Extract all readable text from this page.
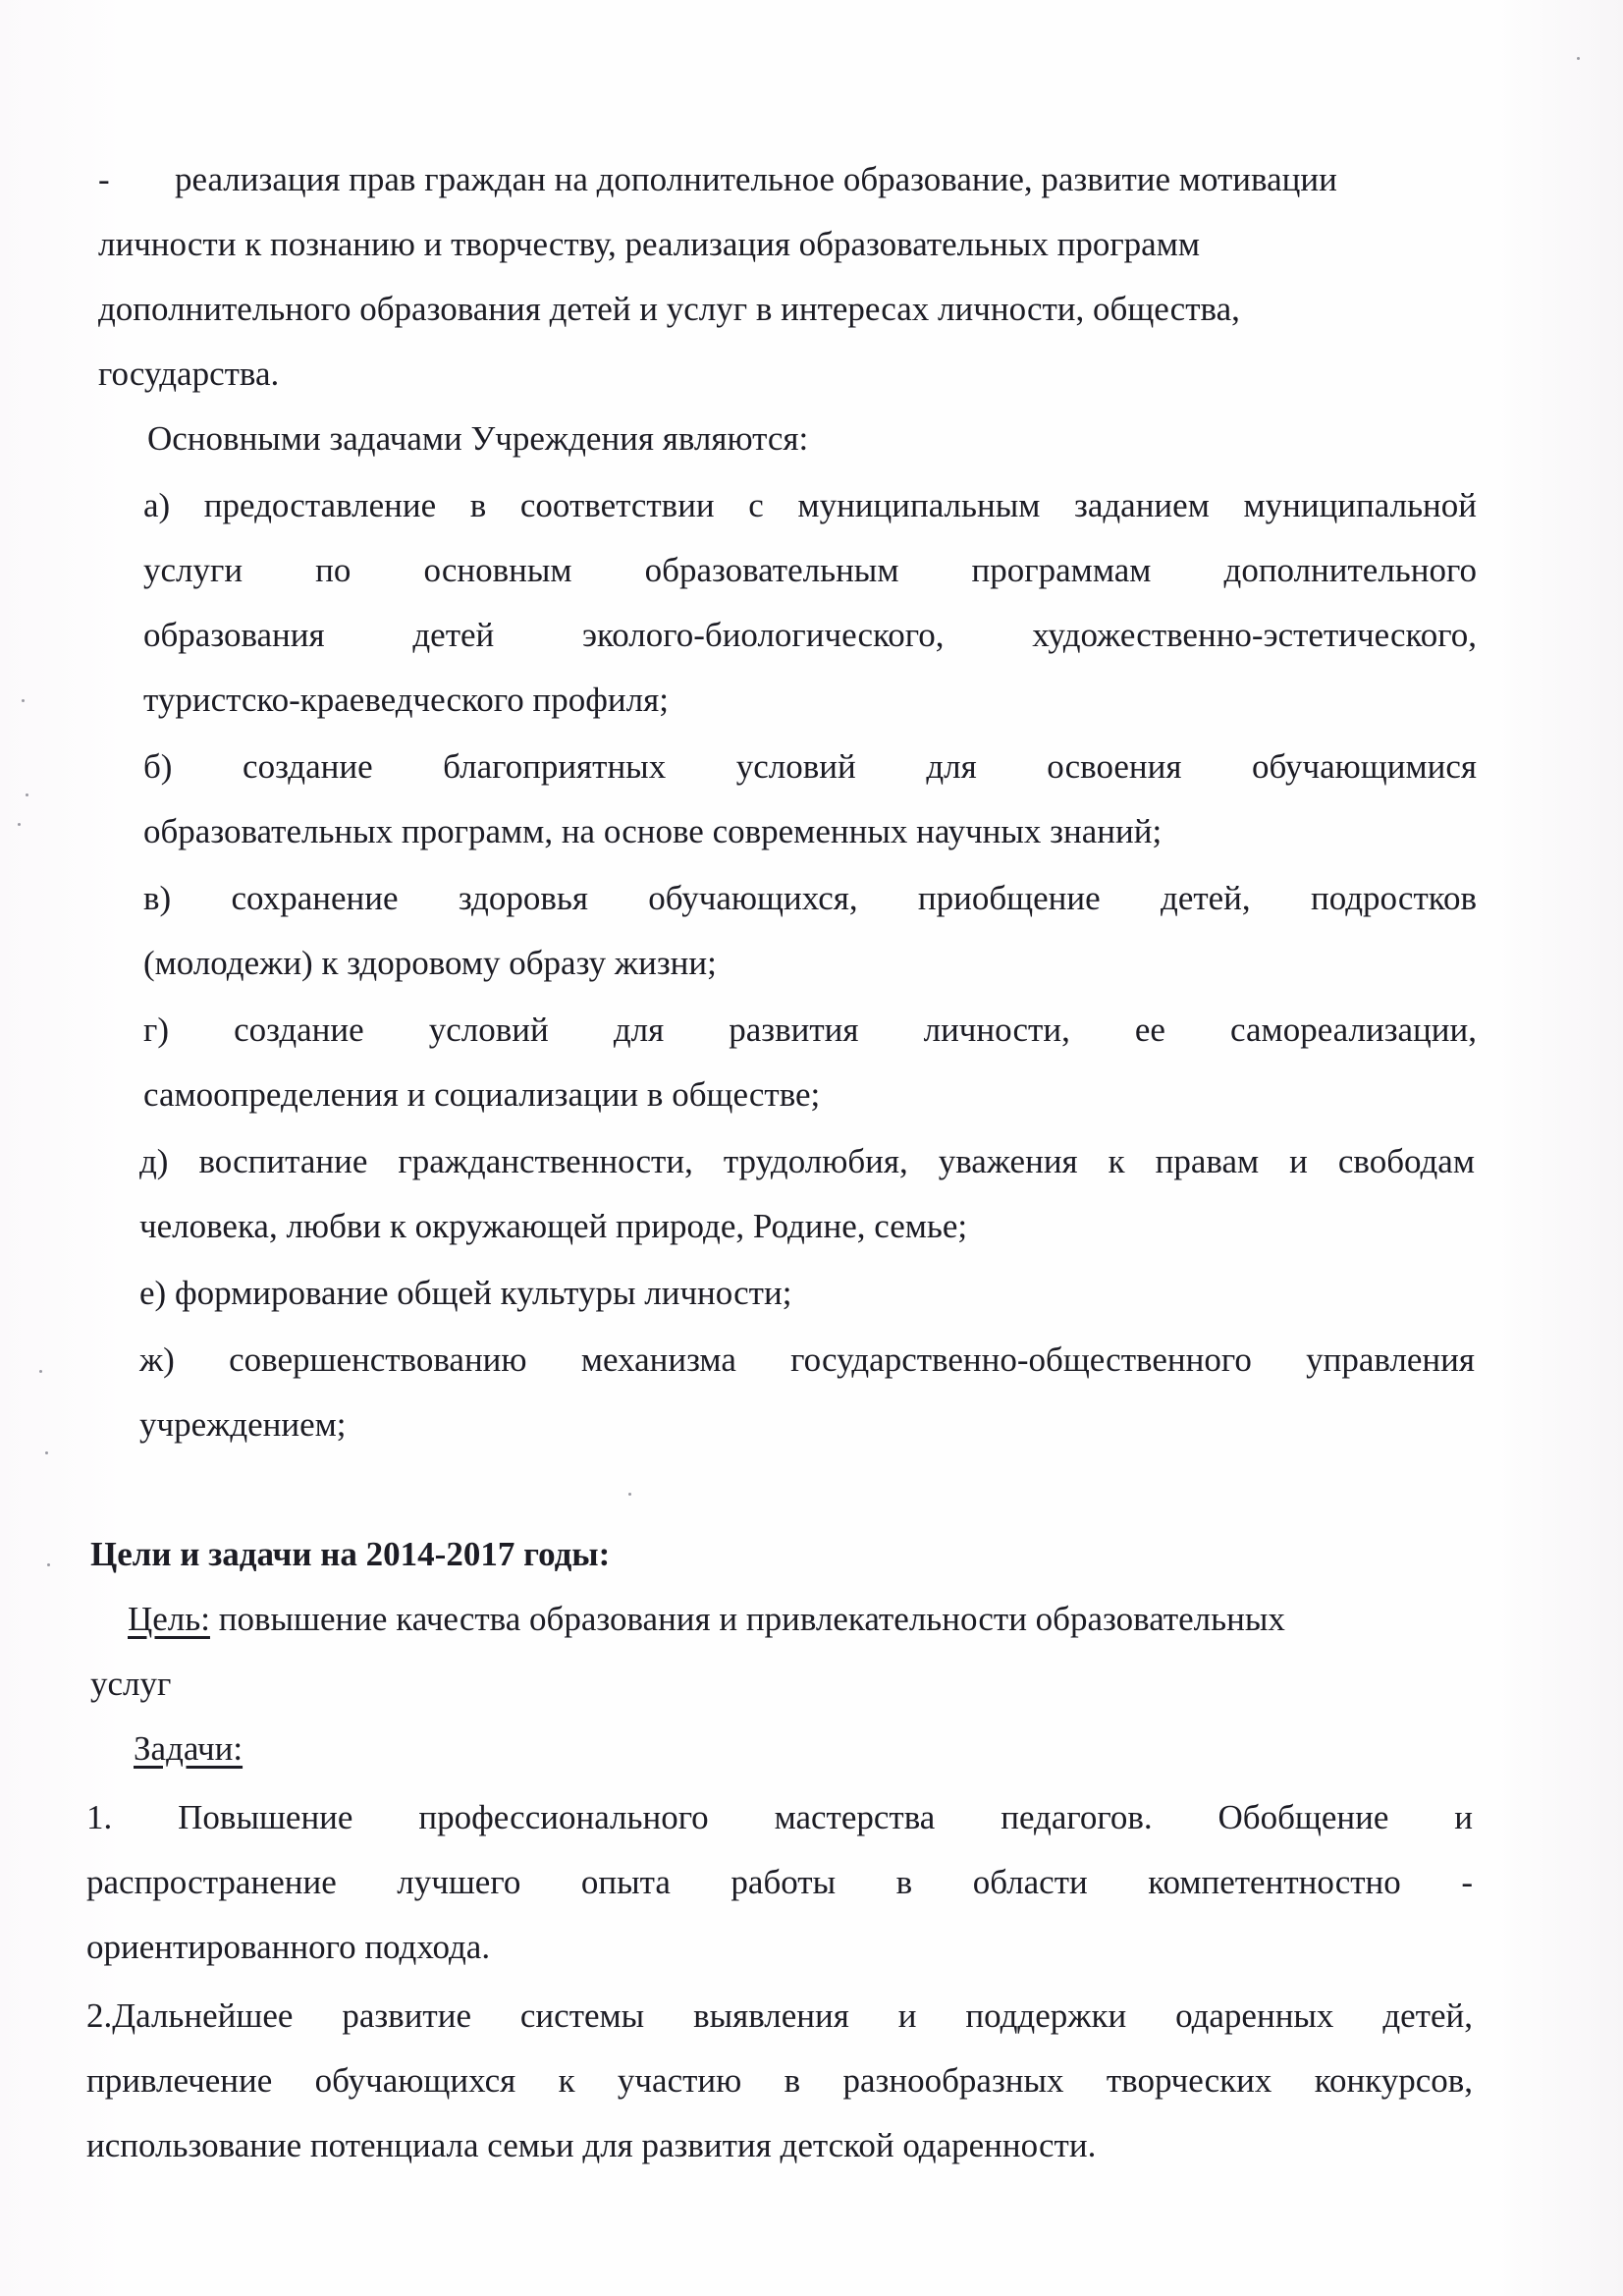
- реализация прав граждан на дополнительное образование, развитие мотивации
личности к познанию и творчеству, реализация образовательных программ
дополнительного образования детей и услуг в интересах личности, общества,
государства.
Основными задачами Учреждения являются:
а) предоставление в соответствии с муниципальным заданием муниципальной
услуги по основным образовательным программам дополнительного
образования детей эколого-биологического, художественно-эстетического,
туристско-краеведческого профиля;
б) создание благоприятных условий для освоения обучающимися
образовательных программ, на основе современных научных знаний;
в) сохранение здоровья обучающихся, приобщение детей, подростков
(молодежи) к здоровому образу жизни;
г) создание условий для развития личности, ее самореализации,
самоопределения и социализации в обществе;
д) воспитание гражданственности, трудолюбия, уважения к правам и свободам
человека, любви к окружающей природе, Родине, семье;
е) формирование общей культуры личности;
ж) совершенствованию механизма государственно-общественного управления
учреждением;
Цели и задачи на 2014-2017 годы:
Цель: повышение качества образования и привлекательности образовательных
услуг
Задачи:
1. Повышение профессионального мастерства педагогов. Обобщение и
распространение лучшего опыта работы в области компетентностно -
ориентированного подхода.
2.Дальнейшее развитие системы выявления и поддержки одаренных детей,
привлечение обучающихся к участию в разнообразных творческих конкурсов,
использование потенциала семьи для развития детской одаренности.
